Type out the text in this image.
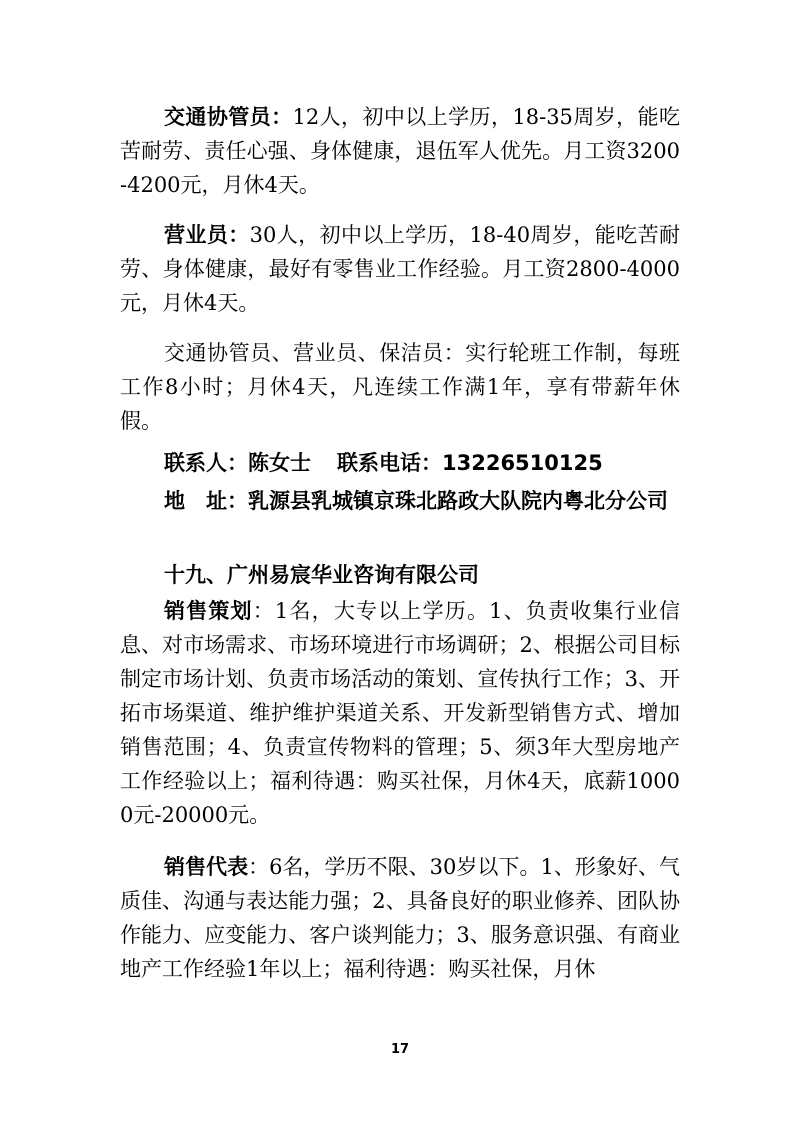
交通协管员：12人，初中以上学历，18-35周岁，能吃苦耐劳、责任心强、身体健康，退伍军人优先。月工资3200-4200元，月休4天。

营业员：30人，初中以上学历，18-40周岁，能吃苦耐劳、身体健康，最好有零售业工作经验。月工资2800-4000元，月休4天。

交通协管员、营业员、保洁员：实行轮班工作制，每班工作8小时；月休4天，凡连续工作满1年，享有带薪年休假。

联系人：陈女士 联系电话：13226510125

地　址：乳源县乳城镇京珠北路政大队院内粤北分公司

十九、广州易宸华业咨询有限公司

销售策划：1名，大专以上学历。1、负责收集行业信息、对市场需求、市场环境进行市场调研；2、根据公司目标制定市场计划、负责市场活动的策划、宣传执行工作；3、开拓市场渠道、维护维护渠道关系、开发新型销售方式、增加销售范围；4、负责宣传物料的管理；5、须3年大型房地产工作经验以上；福利待遇：购买社保，月休4天，底薪10000元-20000元。

销售代表：6名，学历不限、30岁以下。1、形象好、气质佳、沟通与表达能力强；2、具备良好的职业修养、团队协作能力、应变能力、客户谈判能力；3、服务意识强、有商业地产工作经验1年以上；福利待遇：购买社保，月休

17
